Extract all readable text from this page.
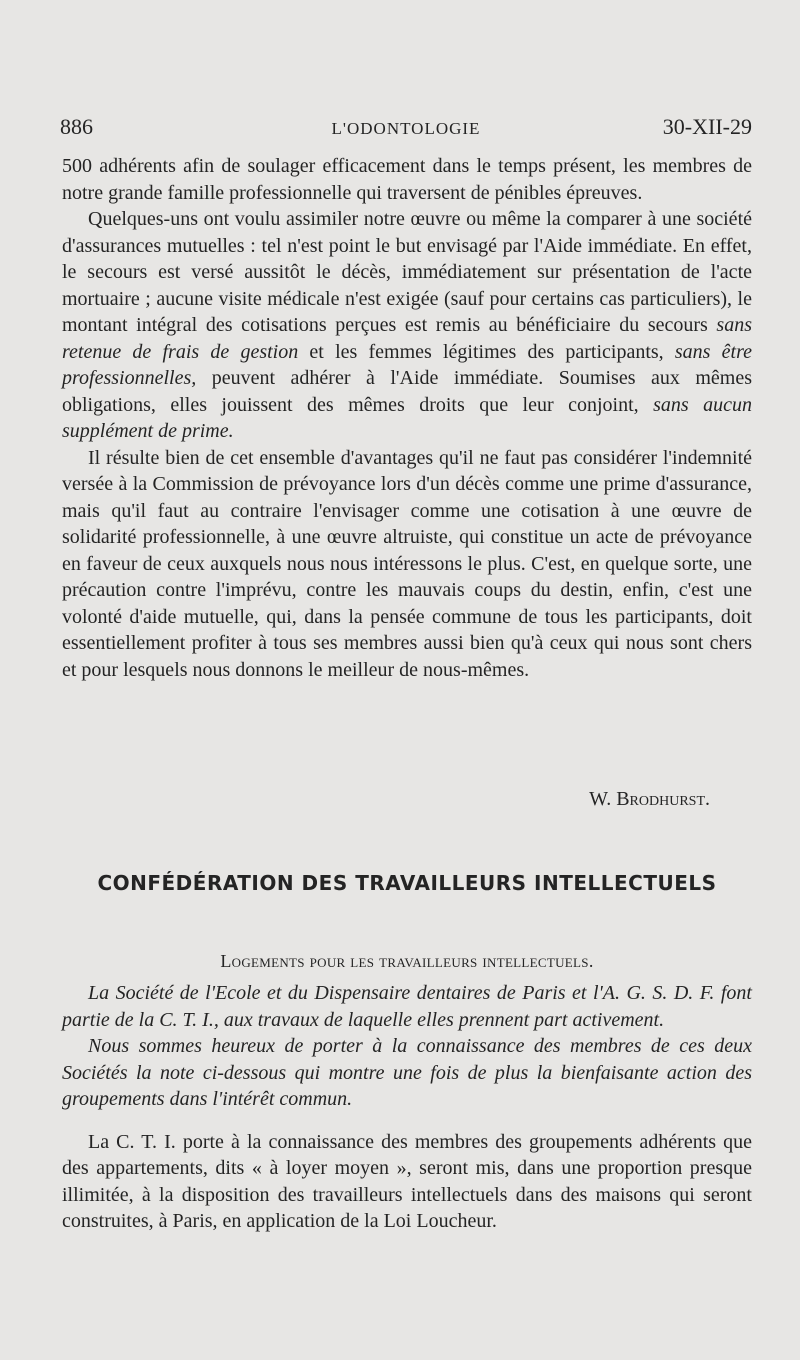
886	L'ODONTOLOGIE	30-XII-29

500 adhérents afin de soulager efficacement dans le temps présent, les membres de notre grande famille professionnelle qui traversent de pénibles épreuves.

Quelques-uns ont voulu assimiler notre œuvre ou même la comparer à une société d'assurances mutuelles : tel n'est point le but envisagé par l'Aide immédiate. En effet, le secours est versé aussitôt le décès, immédiatement sur présentation de l'acte mortuaire ; aucune visite médicale n'est exigée (sauf pour certains cas particuliers), le montant intégral des cotisations perçues est remis au bénéficiaire du secours sans retenue de frais de gestion et les femmes légitimes des participants, sans être professionnelles, peuvent adhérer à l'Aide immédiate. Soumises aux mêmes obligations, elles jouissent des mêmes droits que leur conjoint, sans aucun supplément de prime.

Il résulte bien de cet ensemble d'avantages qu'il ne faut pas considérer l'indemnité versée à la Commission de prévoyance lors d'un décès comme une prime d'assurance, mais qu'il faut au contraire l'envisager comme une cotisation à une œuvre de solidarité professionnelle, à une œuvre altruiste, qui constitue un acte de prévoyance en faveur de ceux auxquels nous nous intéressons le plus. C'est, en quelque sorte, une précaution contre l'imprévu, contre les mauvais coups du destin, enfin, c'est une volonté d'aide mutuelle, qui, dans la pensée commune de tous les participants, doit essentiellement profiter à tous ses membres aussi bien qu'à ceux qui nous sont chers et pour lesquels nous donnons le meilleur de nous-mêmes.

W. Brodhurst.
CONFÉDÉRATION DES TRAVAILLEURS INTELLECTUELS
Logements pour les travailleurs intellectuels.

La Société de l'Ecole et du Dispensaire dentaires de Paris et l'A. G. S. D. F. font partie de la C. T. I., aux travaux de laquelle elles prennent part activement.

Nous sommes heureux de porter à la connaissance des membres de ces deux Sociétés la note ci-dessous qui montre une fois de plus la bienfaisante action des groupements dans l'intérêt commun.

La C. T. I. porte à la connaissance des membres des groupements adhérents que des appartements, dits « à loyer moyen », seront mis, dans une proportion presque illimitée, à la disposition des travailleurs intellectuels dans des maisons qui seront construites, à Paris, en application de la Loi Loucheur.
